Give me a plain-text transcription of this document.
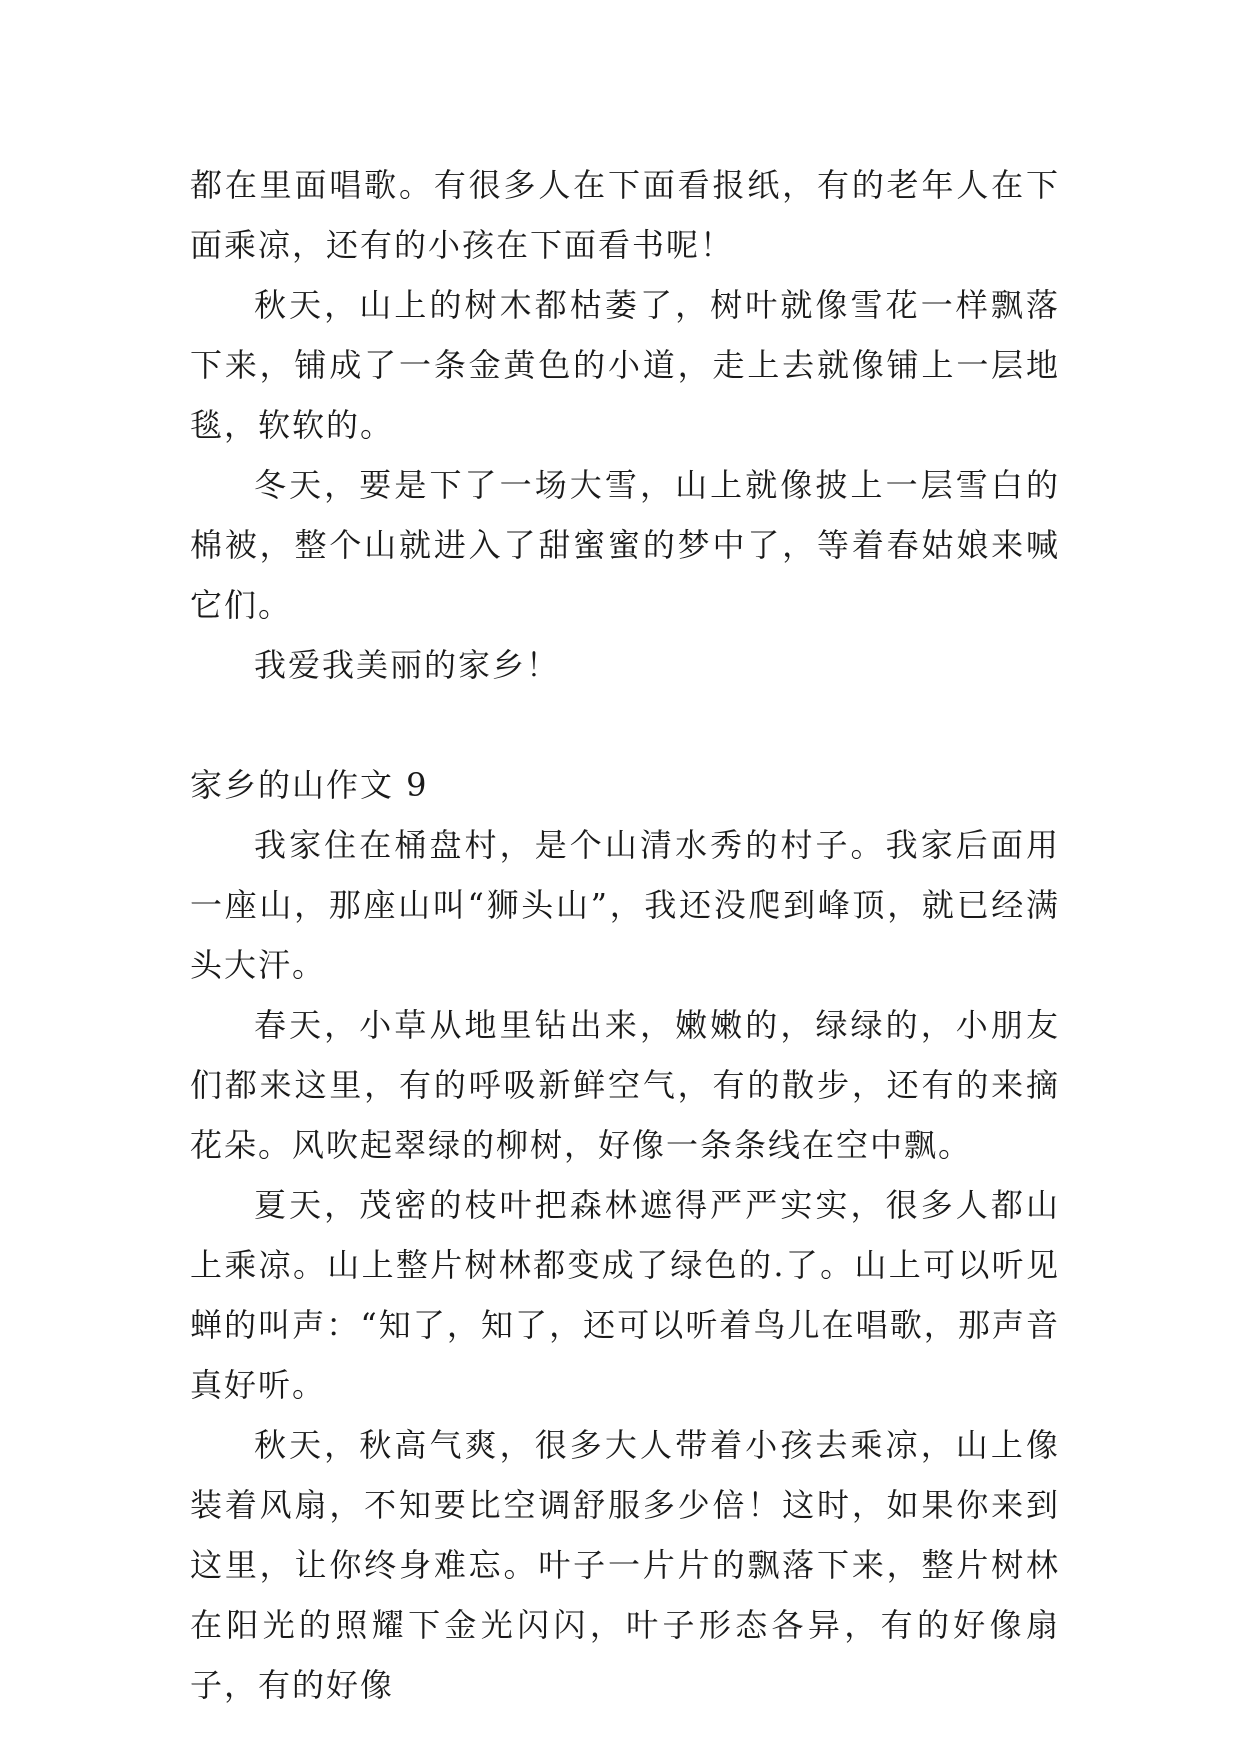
都在里面唱歌。有很多人在下面看报纸，有的老年人在下面乘凉，还有的小孩在下面看书呢！

秋天，山上的树木都枯萎了，树叶就像雪花一样飘落下来，铺成了一条金黄色的小道，走上去就像铺上一层地毯，软软的。

冬天，要是下了一场大雪，山上就像披上一层雪白的棉被，整个山就进入了甜蜜蜜的梦中了，等着春姑娘来喊它们。

我爱我美丽的家乡！

家乡的山作文 9

我家住在桶盘村，是个山清水秀的村子。我家后面用一座山，那座山叫“狮头山”，我还没爬到峰顶，就已经满头大汗。

春天，小草从地里钻出来，嫩嫩的，绿绿的，小朋友们都来这里，有的呼吸新鲜空气，有的散步，还有的来摘花朵。风吹起翠绿的柳树，好像一条条线在空中飘。

夏天，茂密的枝叶把森林遮得严严实实，很多人都山上乘凉。山上整片树林都变成了绿色的.了。山上可以听见蝉的叫声：“知了，知了，还可以听着鸟儿在唱歌，那声音真好听。

秋天，秋高气爽，很多大人带着小孩去乘凉，山上像装着风扇，不知要比空调舒服多少倍！这时，如果你来到这里，让你终身难忘。叶子一片片的飘落下来，整片树林在阳光的照耀下金光闪闪，叶子形态各异，有的好像扇子，有的好像
